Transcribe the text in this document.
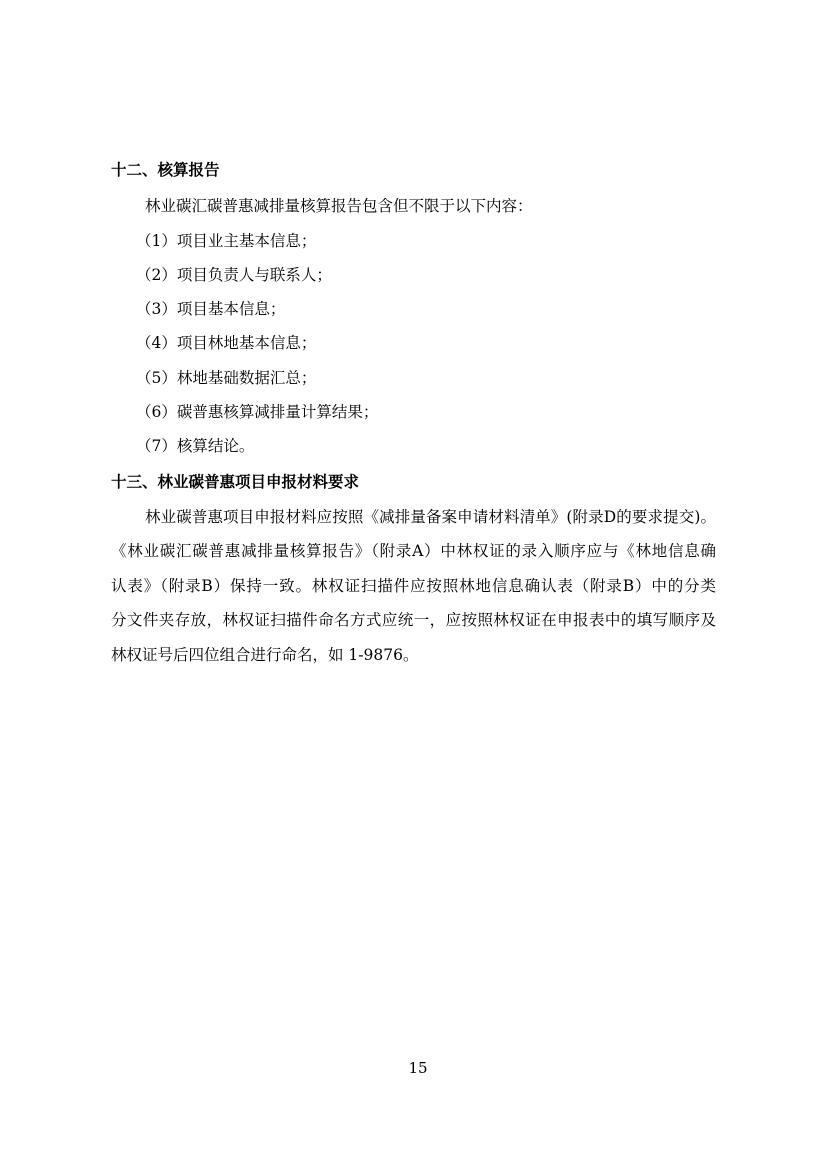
十二、核算报告
林业碳汇碳普惠减排量核算报告包含但不限于以下内容：
（1）项目业主基本信息；
（2）项目负责人与联系人；
（3）项目基本信息；
（4）项目林地基本信息；
（5）林地基础数据汇总；
（6）碳普惠核算减排量计算结果；
（7）核算结论。
十三、林业碳普惠项目申报材料要求
林业碳普惠项目申报材料应按照《减排量备案申请材料清单》(附录D的要求提交)。
《林业碳汇碳普惠减排量核算报告》（附录A）中林权证的录入顺序应与《林地信息确
认表》（附录B）保持一致。林权证扫描件应按照林地信息确认表（附录B）中的分类
分文件夹存放，林权证扫描件命名方式应统一，应按照林权证在申报表中的填写顺序及
林权证号后四位组合进行命名，如 1-9876。
15
